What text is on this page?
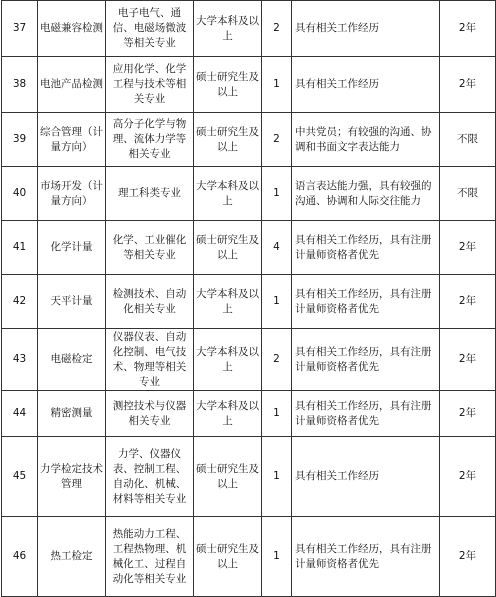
37	电磁兼容检测	电子电气、通信、电磁场微波等相关专业	大学本科及以上	2	具有相关工作经历	2年
38	电池产品检测	应用化学、化学工程与技术等相关专业	硕士研究生及以上	1	具有相关工作经历	2年
39	综合管理（计量方向）	高分子化学与物理、流体力学等相关专业	硕士研究生及以上	2	中共党员；有较强的沟通、协调和书面文字表达能力	不限
40	市场开发（计量方向）	理工科类专业	大学本科及以上	1	语言表达能力强，具有较强的沟通、协调和人际交往能力	不限
41	化学计量	化学、工业催化等相关专业	硕士研究生及以上	4	具有相关工作经历，具有注册计量师资格者优先	2年
42	天平计量	检测技术、自动化相关专业	大学本科及以上	1	具有相关工作经历，具有注册计量师资格者优先	2年
43	电磁检定	仪器仪表、自动化控制、电气技术、物理等相关专业	大学本科及以上	2	具有相关工作经历，具有注册计量师资格者优先	2年
44	精密测量	测控技术与仪器相关专业	大学本科及以上	1	具有相关工作经历，具有注册计量师资格者优先	2年
45	力学检定技术管理	力学、仪器仪表、控制工程、自动化、机械、材料等相关专业	硕士研究生及以上	1	具有相关工作经历	2年
46	热工检定	热能动力工程、工程热物理、机械化工、过程自动化等相关专业	硕士研究生及以上	1	具有相关工作经历，具有注册计量师资格者优先	2年
